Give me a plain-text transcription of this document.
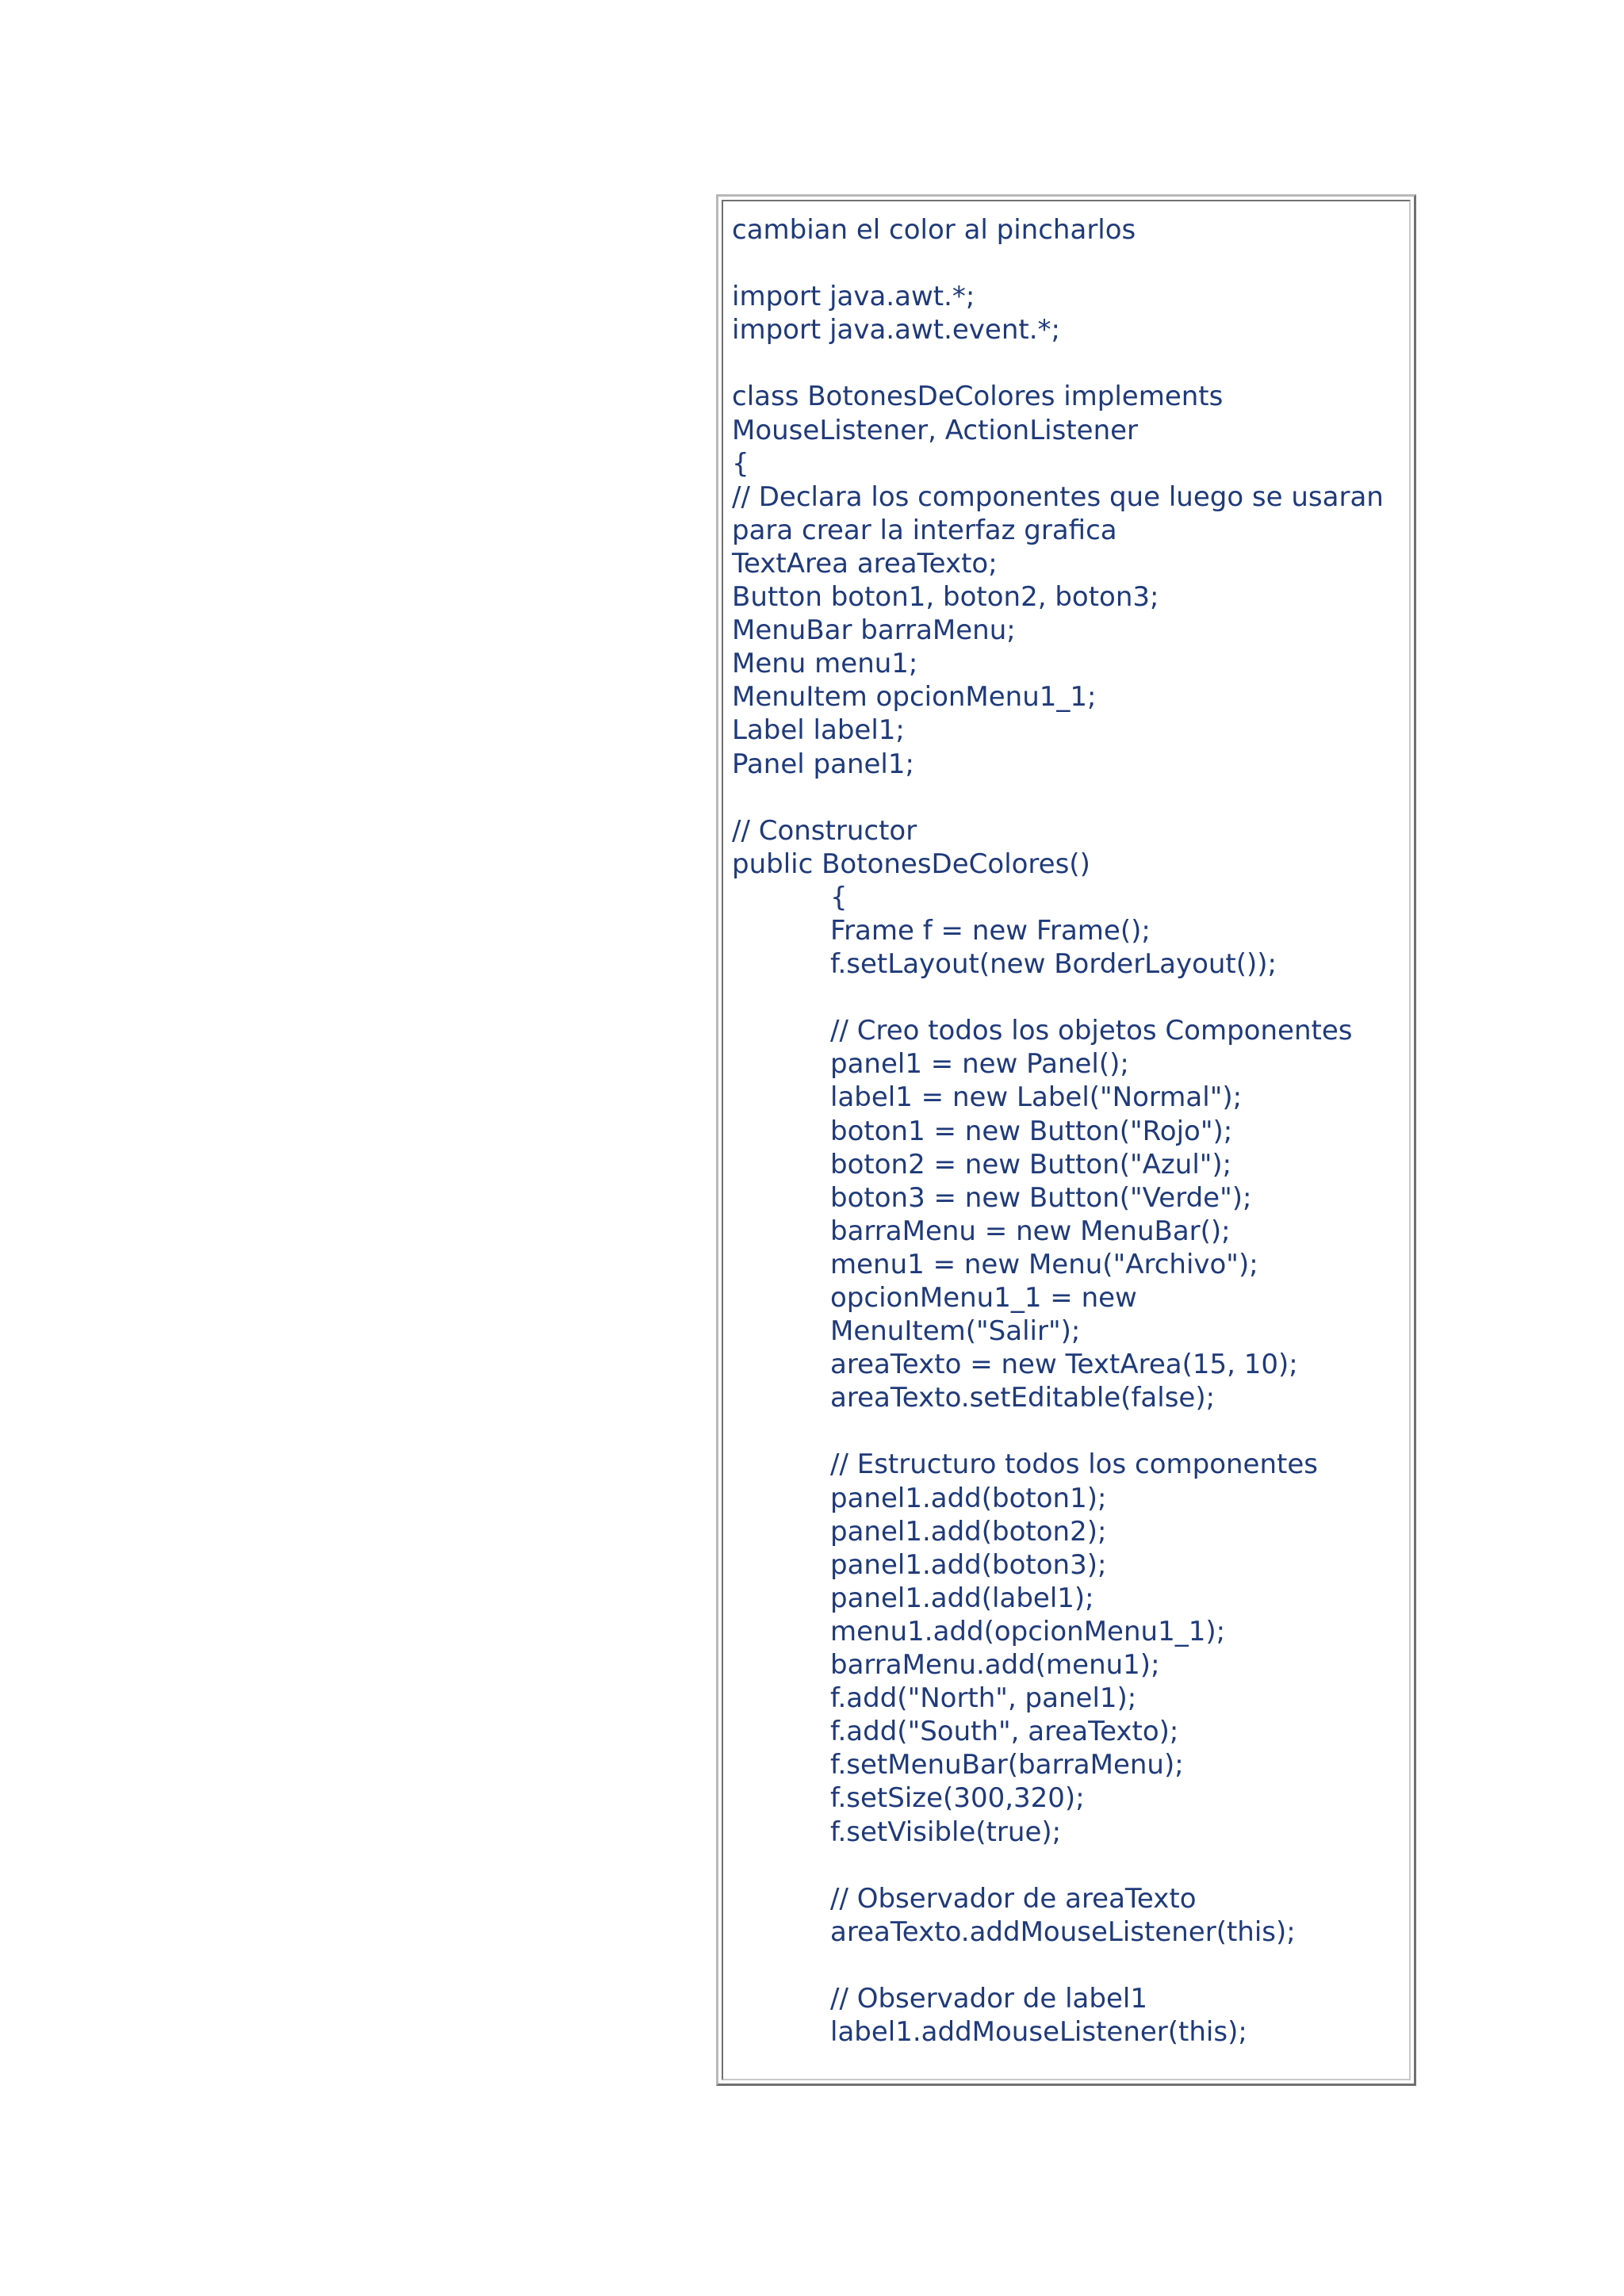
cambian el color al pincharlos
import java.awt.*;
import java.awt.event.*;
class BotonesDeColores implements
MouseListener, ActionListener
{
// Declara los componentes que luego se usaran
para crear la interfaz grafica
TextArea areaTexto;
Button boton1, boton2, boton3;
MenuBar barraMenu;
Menu menu1;
MenuItem opcionMenu1_1;
Label label1;
Panel panel1;
// Constructor
public BotonesDeColores()
{
Frame f = new Frame();
f.setLayout(new BorderLayout());
// Creo todos los objetos Componentes
panel1 = new Panel();
label1 = new Label("Normal");
boton1 = new Button("Rojo");
boton2 = new Button("Azul");
boton3 = new Button("Verde");
barraMenu = new MenuBar();
menu1 = new Menu("Archivo");
opcionMenu1_1 = new
MenuItem("Salir");
areaTexto = new TextArea(15, 10);
areaTexto.setEditable(false);
// Estructuro todos los componentes
panel1.add(boton1);
panel1.add(boton2);
panel1.add(boton3);
panel1.add(label1);
menu1.add(opcionMenu1_1);
barraMenu.add(menu1);
f.add("North", panel1);
f.add("South", areaTexto);
f.setMenuBar(barraMenu);
f.setSize(300,320);
f.setVisible(true);
// Observador de areaTexto
areaTexto.addMouseListener(this);
// Observador de label1
label1.addMouseListener(this);
